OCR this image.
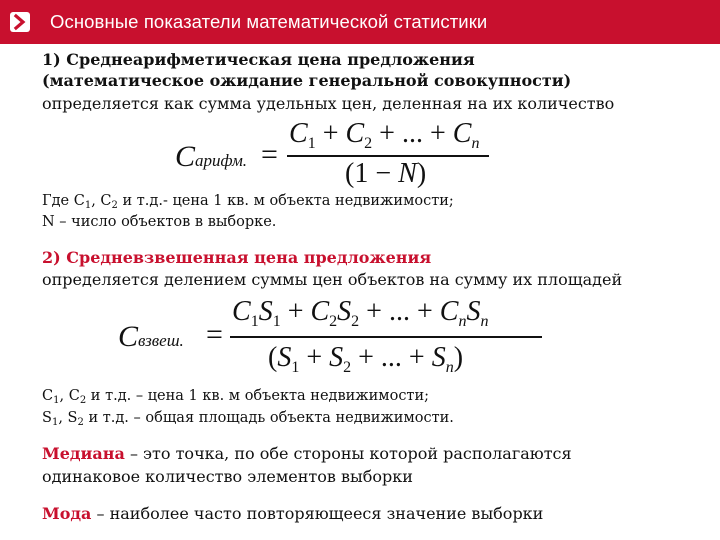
Основные показатели математической статистики
1) Среднеарифметическая цена предложения
(математическое ожидание генеральной совокупности)
определяется как сумма удельных цен, деленная на их количество
Cарифм. =
$C_1 + C_2$ + ... + $C_n$
(1 − N)
Где $С_1$, $С_2$ и т.д.- цена 1 кв. м объекта недвижимости;
N – число объектов в выборке.
2) Средневзвешенная цена предложения
определяется делением суммы цен объектов на сумму их площадей
Cвзвеш. =
$C_1S_1 + C_2S_2$ + ... + $C_nS_n$
($S_1 + S_2$ + ... + $S_n$)
$С_1$, $С_2$ и т.д. – цена 1 кв. м объекта недвижимости;
$S_1$, $S_2$ и т.д. – общая площадь объекта недвижимости.
Медиана – это точка, по обе стороны которой располагаются
одинаковое количество элементов выборки
Мода – наиболее часто повторяющееся значение выборки
